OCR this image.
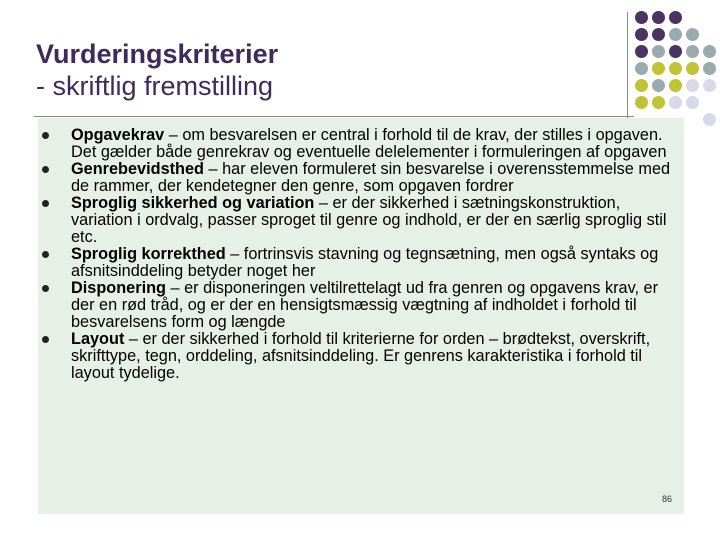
Vurderingskriterier
- skriftlig fremstilling
Opgavekrav – om besvarelsen er central i forhold til de krav, der stilles i opgaven. Det gælder både genrekrav og eventuelle delelementer i formuleringen af opgaven
Genrebevidsthed – har eleven formuleret sin besvarelse i overensstemmelse med de rammer, der kendetegner den genre, som opgaven fordrer
Sproglig sikkerhed og variation – er der sikkerhed i sætningskonstruktion, variation i ordvalg, passer sproget til genre og indhold, er der en særlig sproglig stil etc.
Sproglig korrekthed – fortrinsvis stavning og tegnsætning, men også syntaks og afsnitsinddeling betyder noget her
Disponering – er disponeringen veltilrettelagt ud fra genren og opgavens krav, er der en rød tråd, og er der en hensigtsmæssig vægtning af indholdet i forhold til besvarelsens form og længde
Layout – er der sikkerhed i forhold til kriterierne for orden – brødtekst, overskrift, skrifttype, tegn, orddeling, afsnitsinddeling. Er genrens karakteristika i forhold til layout tydelige.
86
